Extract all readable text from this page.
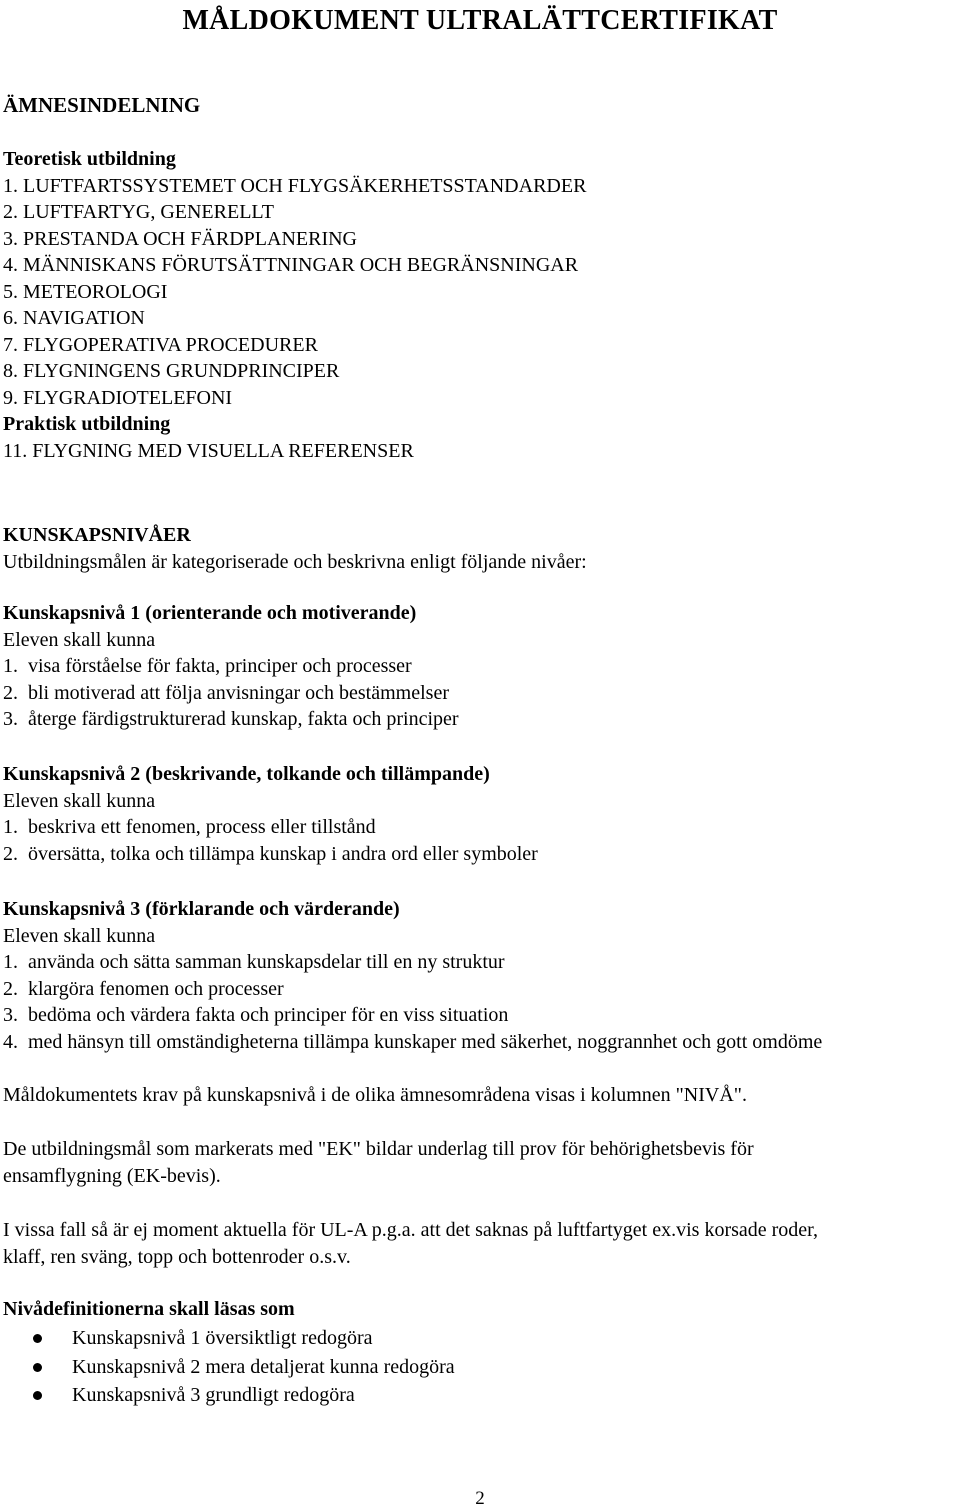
MÅLDOKUMENT ULTRALÄTTCERTIFIKAT
ÄMNESINDELNING
Teoretisk utbildning
1. LUFTFARTSSYSTEMET OCH FLYGSÄKERHETSSTANDARDER
2. LUFTFARTYG, GENERELLT
3. PRESTANDA OCH FÄRDPLANERING
4. MÄNNISKANS FÖRUTSÄTTNINGAR OCH BEGRÄNSNINGAR
5. METEOROLOGI
6. NAVIGATION
7. FLYGOPERATIVA PROCEDURER
8. FLYGNINGENS GRUNDPRINCIPER
9. FLYGRADIOTELEFONI
Praktisk utbildning
11. FLYGNING MED VISUELLA REFERENSER
KUNSKAPSNIVÅER
Utbildningsmålen är kategoriserade och beskrivna enligt följande nivåer:
Kunskapsnivå 1 (orienterande och motiverande)
Eleven skall kunna
1.  visa förståelse för fakta, principer och processer
2.  bli motiverad att följa anvisningar och bestämmelser
3.  återge färdigstrukturerad kunskap, fakta och principer
Kunskapsnivå 2 (beskrivande, tolkande och tillämpande)
Eleven skall kunna
1.  beskriva ett fenomen, process eller tillstånd
2.  översätta, tolka och tillämpa kunskap i andra ord eller symboler
Kunskapsnivå 3 (förklarande och värderande)
Eleven skall kunna
1.  använda och sätta samman kunskapsdelar till en ny struktur
2.  klargöra fenomen och processer
3.  bedöma och värdera fakta och principer för en viss situation
4.  med hänsyn till omständigheterna tillämpa kunskaper med säkerhet, noggrannhet och gott omdöme
Måldokumentets krav på kunskapsnivå i de olika ämnesområdena visas i kolumnen "NIVÅ".
De utbildningsmål som markerats med "EK" bildar underlag till prov för behörighetsbevis för
ensamflygning (EK-bevis).
I vissa fall så är ej moment aktuella för UL-A p.g.a. att det saknas på luftfartyget ex.vis korsade roder,
klaff, ren sväng, topp och bottenroder o.s.v.
Nivådefinitionerna skall läsas som
Kunskapsnivå 1 översiktligt redogöra
Kunskapsnivå 2 mera detaljerat kunna redogöra
Kunskapsnivå 3 grundligt redogöra
2
